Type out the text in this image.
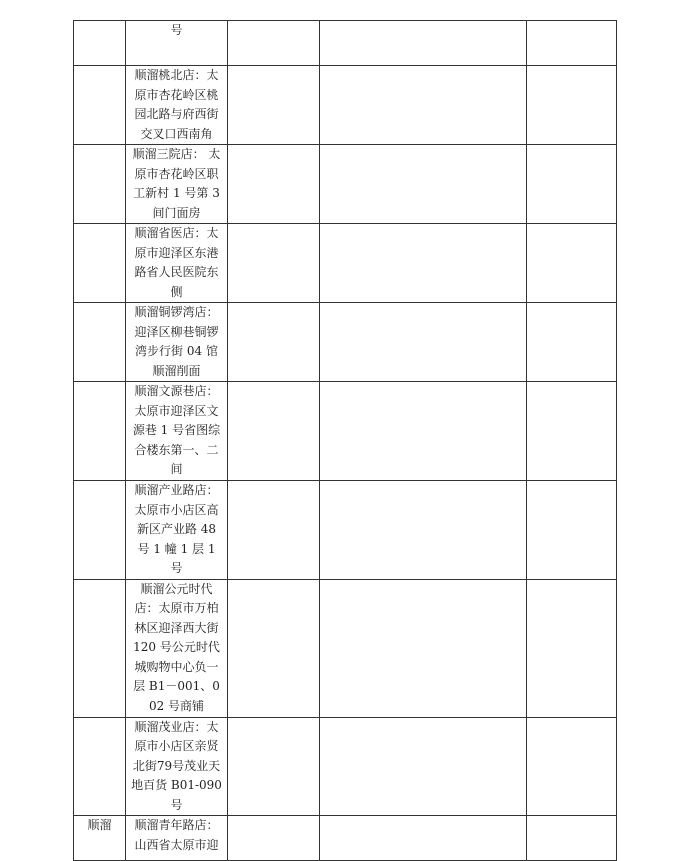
	号			

	顺溜桃北店：太原市杏花岭区桃园北路与府西街交叉口西南角			

	顺溜三院店： 太原市杏花岭区职工新村 1 号第 3 间门面房			

	顺溜省医店：太原市迎泽区东港路省人民医院东侧			

	顺溜铜锣湾店：迎泽区柳巷铜锣湾步行街 04 馆顺溜削面			

	顺溜文源巷店：太原市迎泽区文源巷 1 号省图综合楼东第一、二间			

	顺溜产业路店：太原市小店区高新区产业路 48 号 1 幢 1 层 1 号			

	顺溜公元时代店：太原市万柏林区迎泽西大街 120 号公元时代城购物中心负一层 B1－001、002 号商铺			

	顺溜茂业店：太原市小店区亲贤北街79号茂业天地百货 B01-090 号			

顺溜	顺溜青年路店：山西省太原市迎			
